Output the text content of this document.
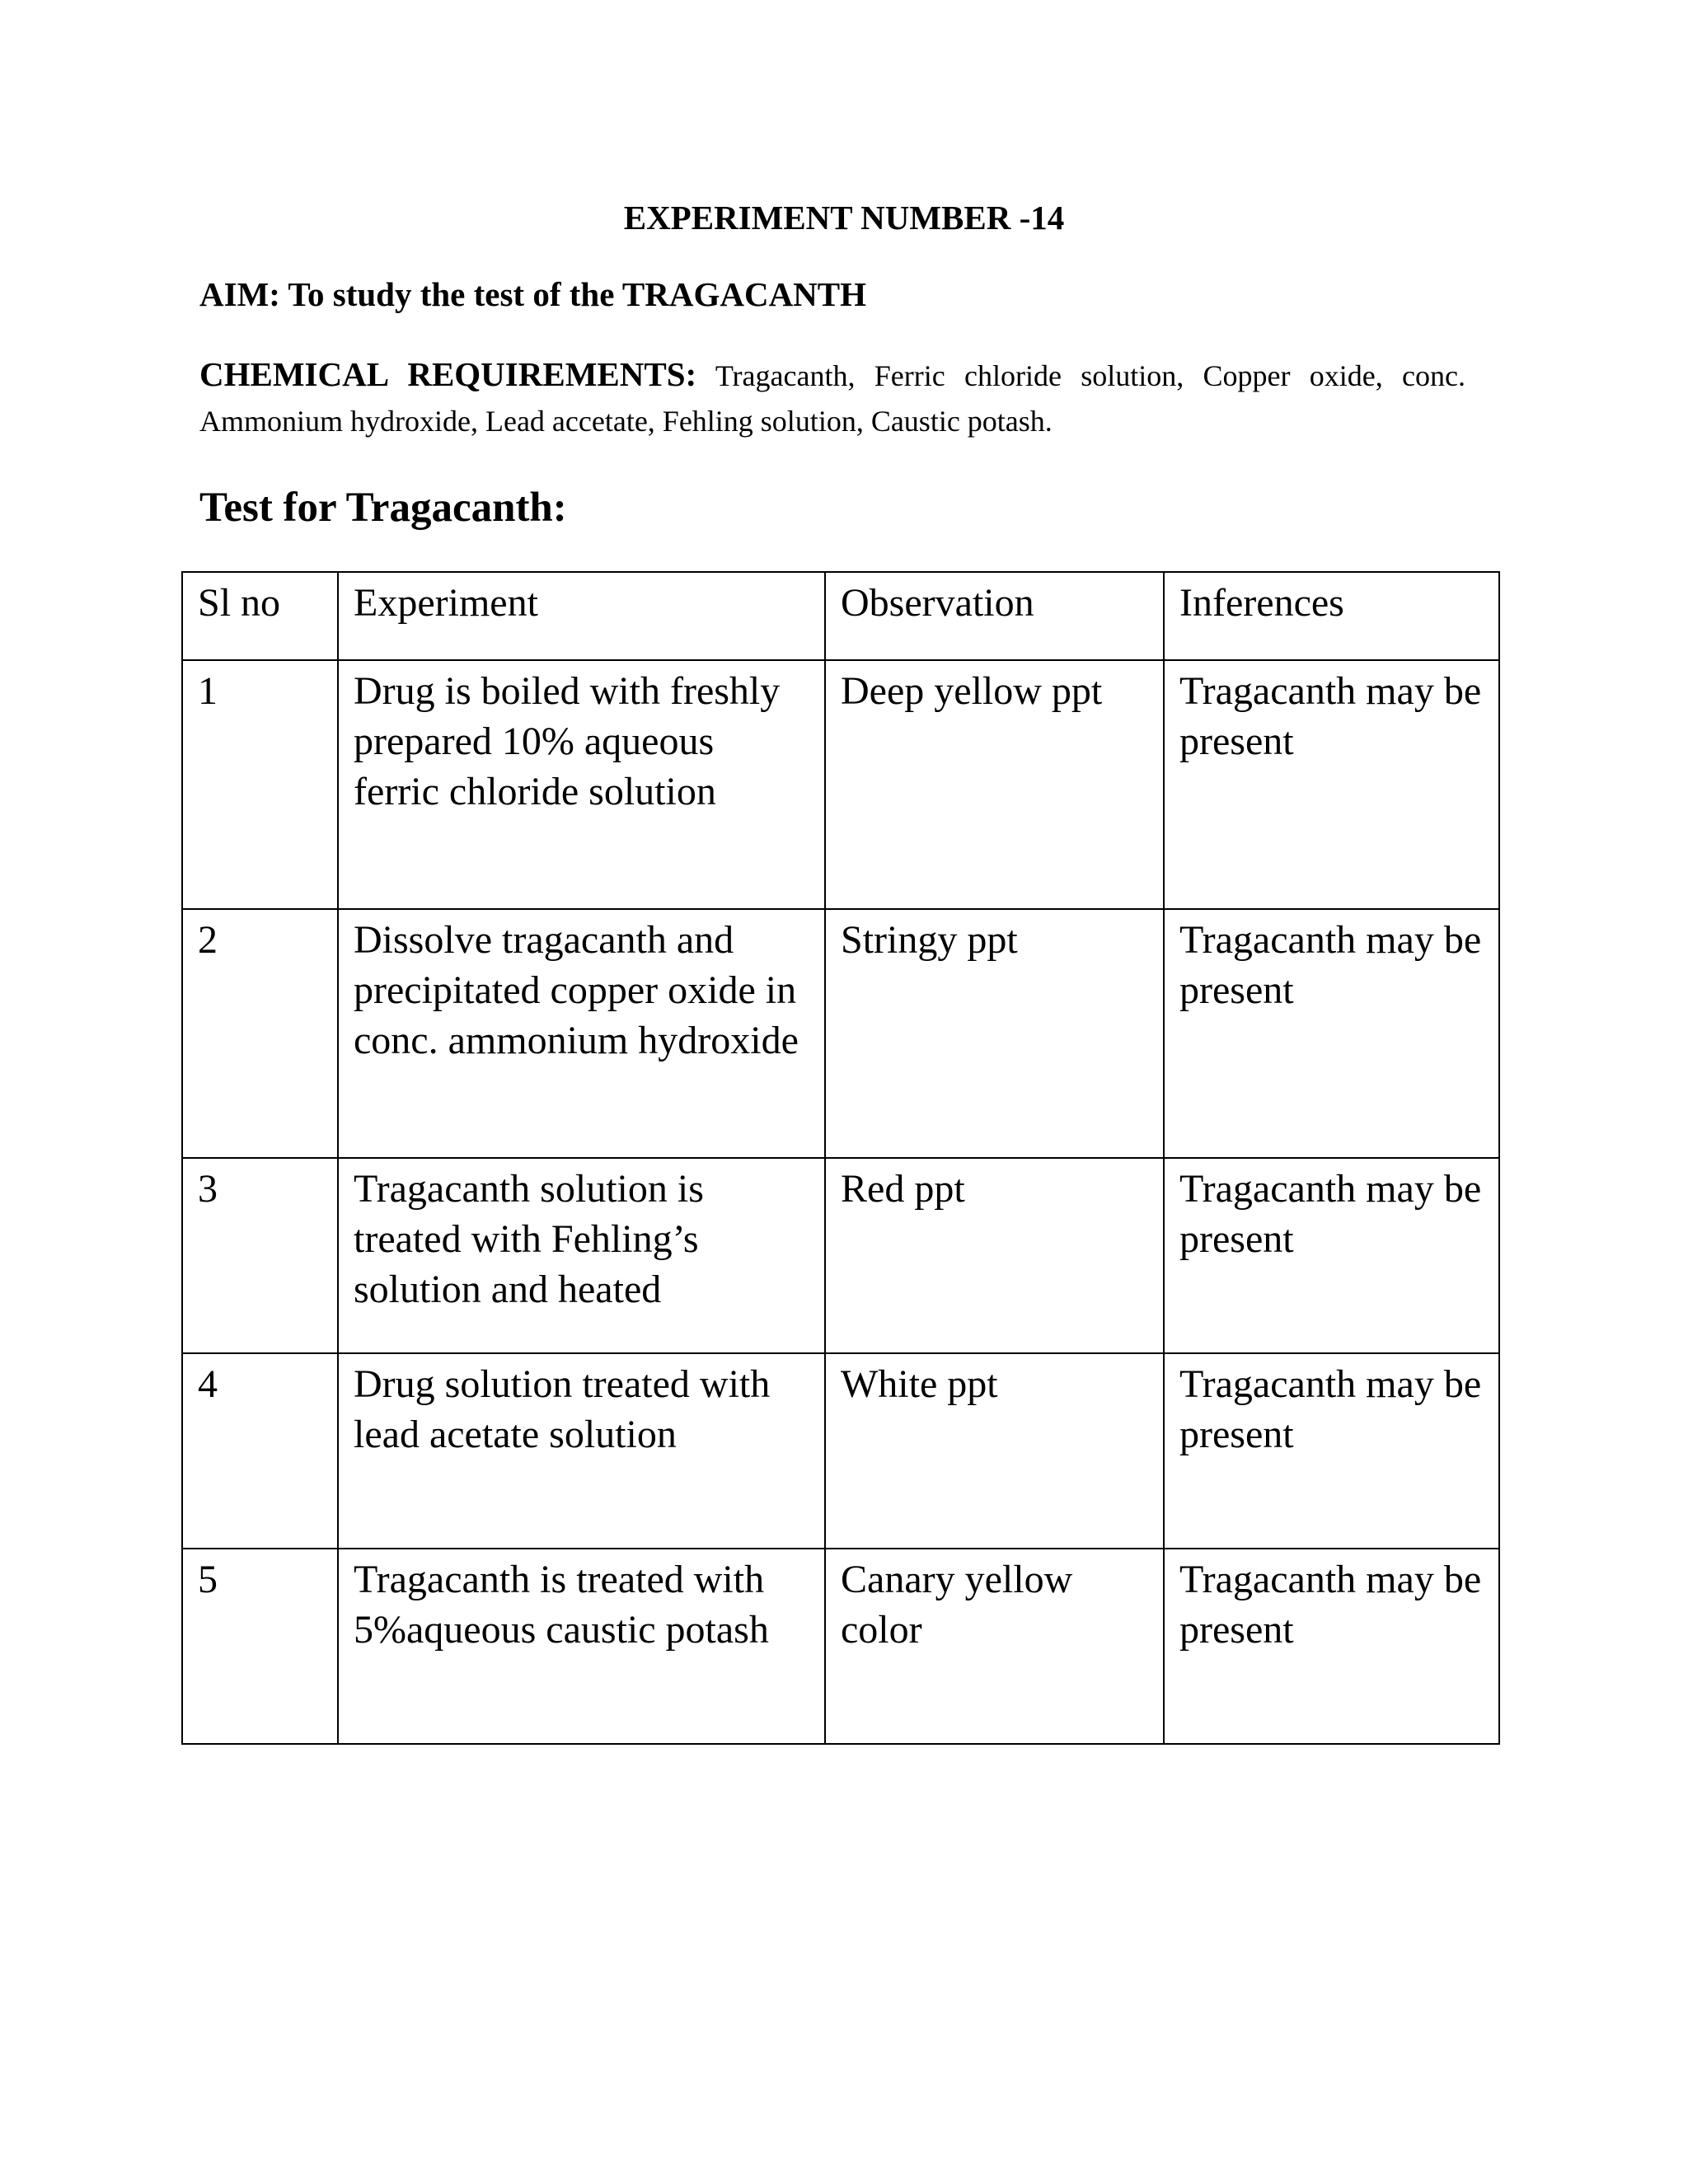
EXPERIMENT NUMBER -14
AIM: To study the test of the TRAGACANTH
CHEMICAL REQUIREMENTS: Tragacanth, Ferric chloride solution, Copper oxide, conc. Ammonium hydroxide, Lead accetate, Fehling solution, Caustic potash.
Test for Tragacanth:
Sl no	Experiment	Observation	Inferences
1	Drug is boiled with freshly prepared 10% aqueous ferric chloride solution	Deep yellow ppt	Tragacanth may be present
2	Dissolve tragacanth and precipitated copper oxide in conc. ammonium hydroxide	Stringy ppt	Tragacanth may be present
3	Tragacanth solution is treated with Fehling’s solution and heated	Red ppt	Tragacanth may be present
4	Drug solution treated with lead acetate solution	White ppt	Tragacanth may be present
5	Tragacanth is treated with 5%aqueous caustic potash	Canary yellow color	Tragacanth may be present
